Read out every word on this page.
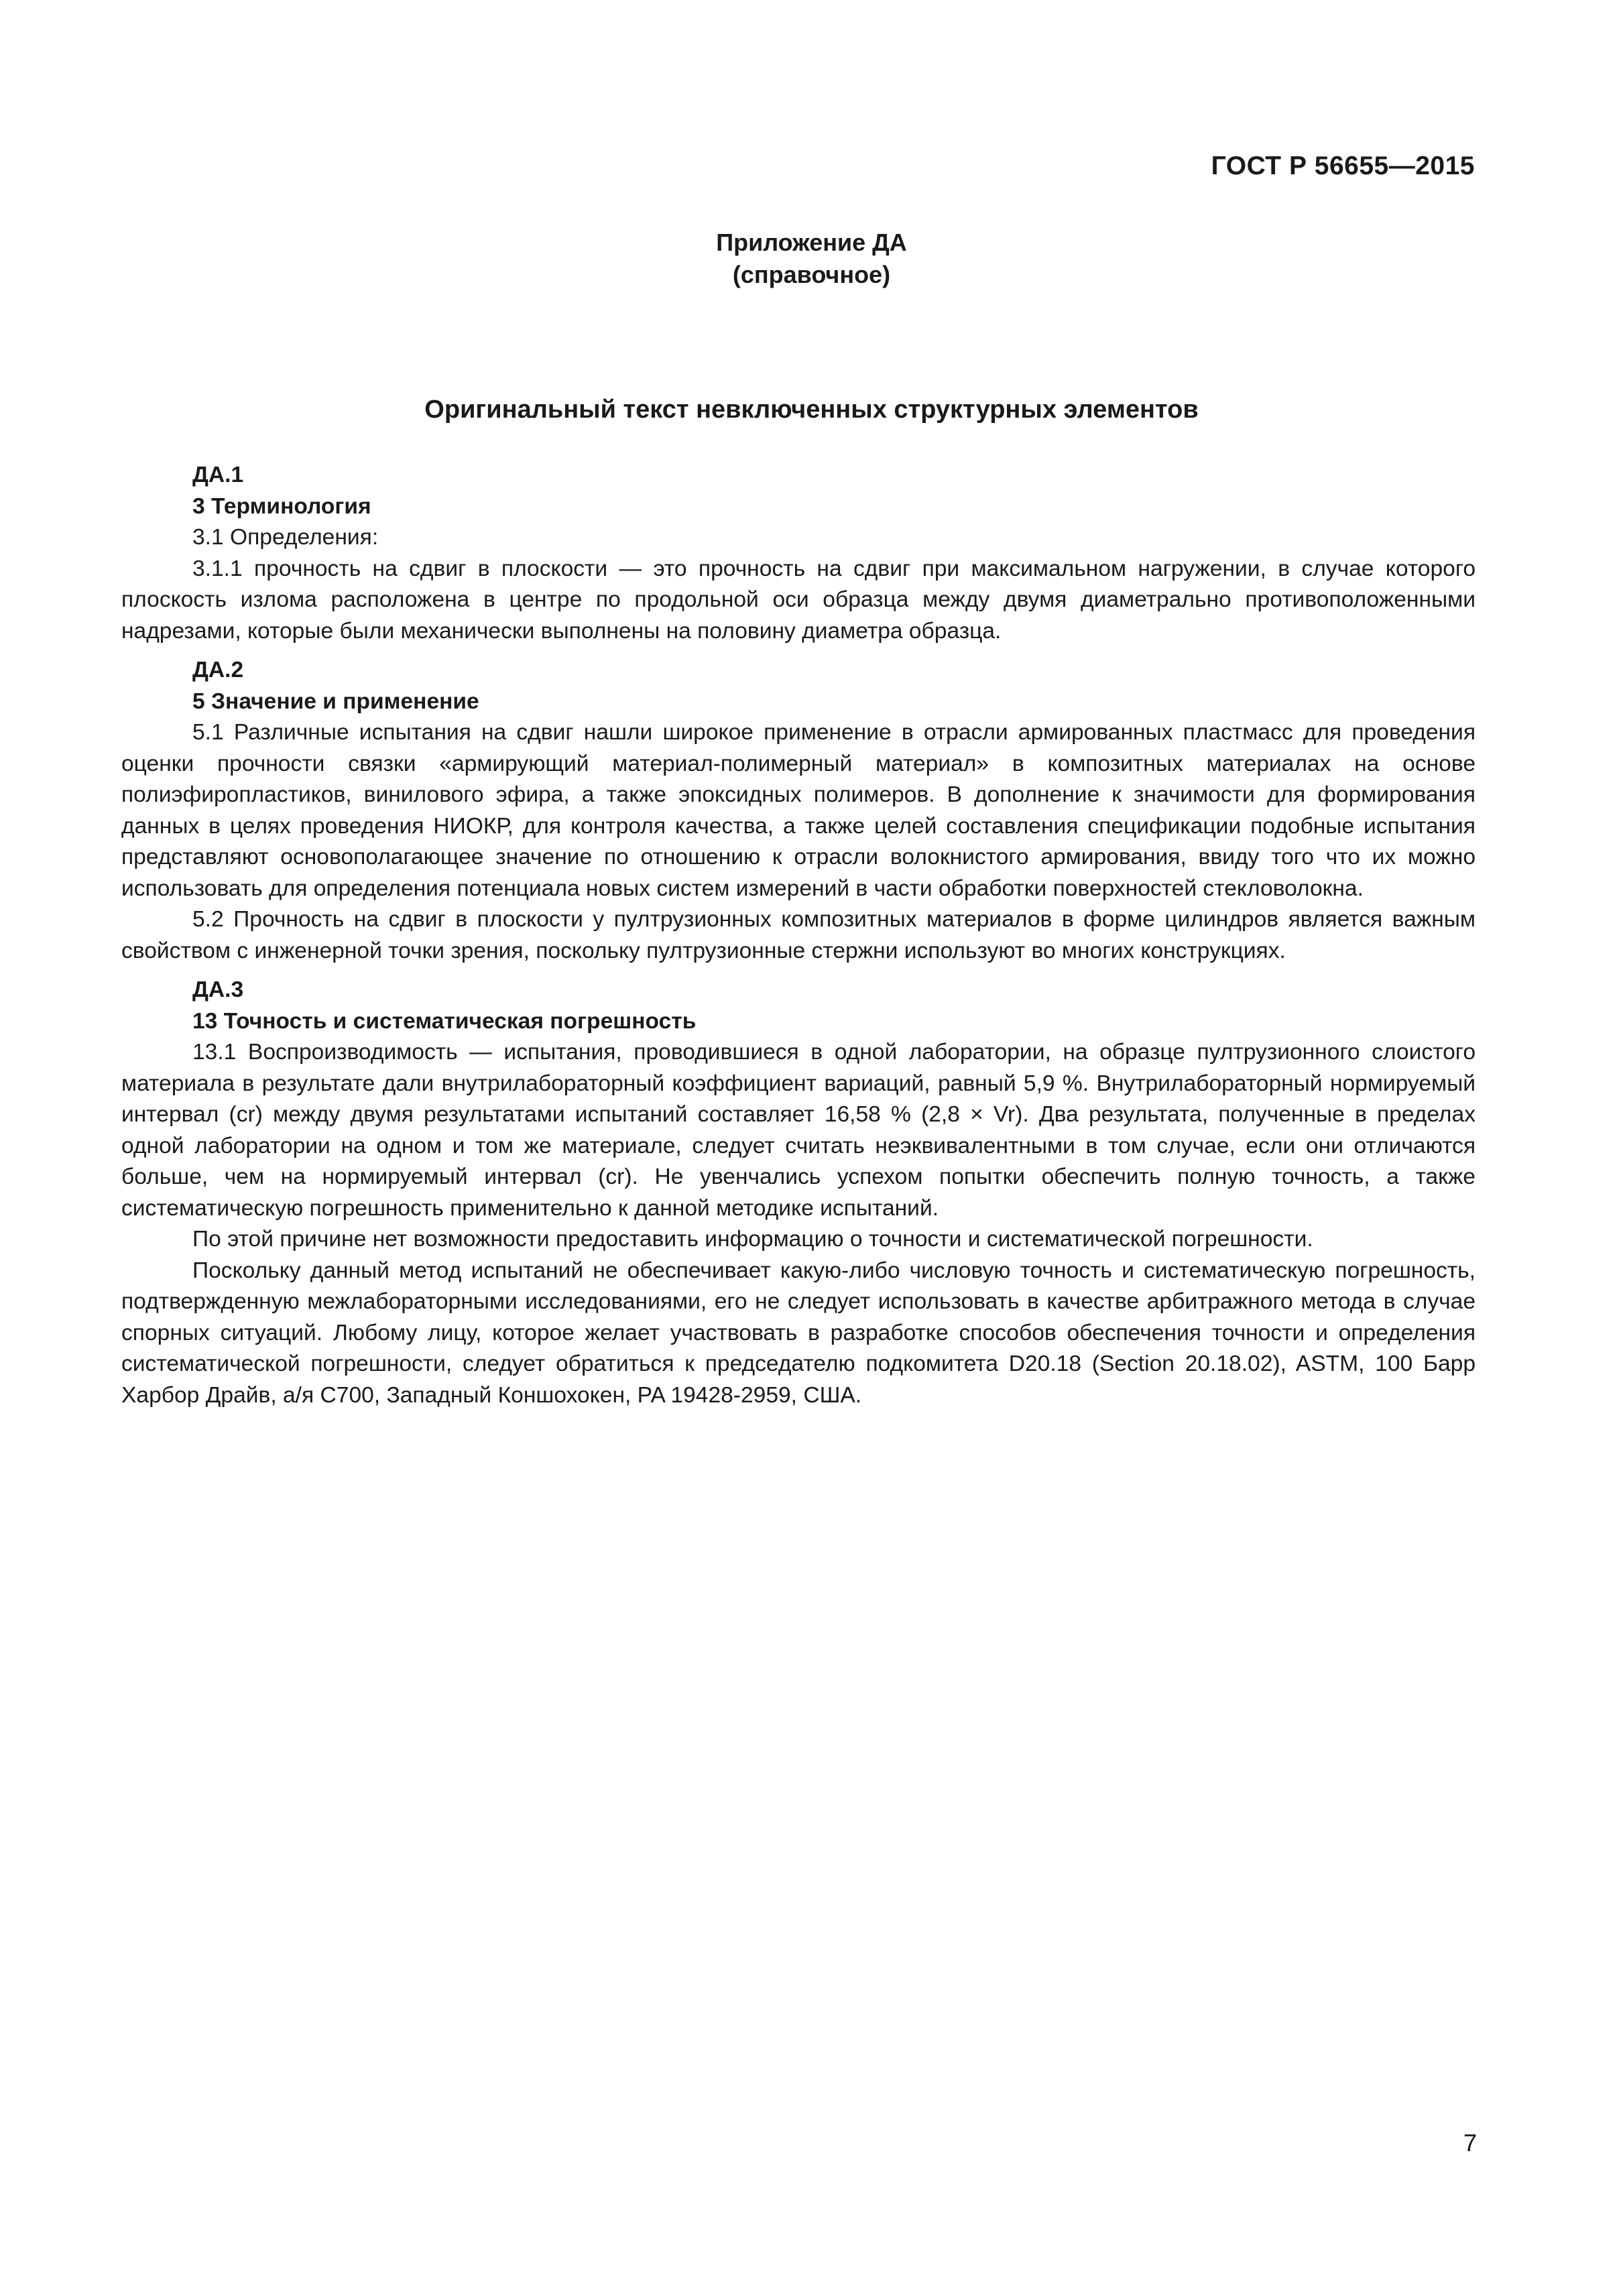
ГОСТ Р 56655—2015
Приложение ДА
(справочное)
Оригинальный текст невключенных структурных элементов

ДА.1

3 Терминология

3.1 Определения:

3.1.1 прочность на сдвиг в плоскости — это прочность на сдвиг при максимальном нагружении, в случае которого плоскость излома расположена в центре по продольной оси образца между двумя диаметрально противоположенными надрезами, которые были механически выполнены на половину диаметра образца.

ДА.2

5 Значение и применение

5.1 Различные испытания на сдвиг нашли широкое применение в отрасли армированных пластмасс для проведения оценки прочности связки «армирующий материал-полимерный материал» в композитных материалах на основе полиэфиропластиков, винилового эфира, а также эпоксидных полимеров. В дополнение к значимости для формирования данных в целях проведения НИОКР, для контроля качества, а также целей составления спецификации подобные испытания представляют основополагающее значение по отношению к отрасли волокнистого армирования, ввиду того что их можно использовать для определения потенциала новых систем измерений в части обработки поверхностей стекловолокна.

5.2 Прочность на сдвиг в плоскости у пултрузионных композитных материалов в форме цилиндров является важным свойством с инженерной точки зрения, поскольку пултрузионные стержни используют во многих конструкциях.

ДА.3

13 Точность и систематическая погрешность

13.1 Воспроизводимость — испытания, проводившиеся в одной лаборатории, на образце пултрузионного слоистого материала в результате дали внутрилабораторный коэффициент вариаций, равный 5,9 %. Внутрилабораторный нормируемый интервал (cr) между двумя результатами испытаний составляет 16,58 % (2,8 × Vr). Два результата, полученные в пределах одной лаборатории на одном и том же материале, следует считать неэквивалентными в том случае, если они отличаются больше, чем на нормируемый интервал (cr). Не увенчались успехом попытки обеспечить полную точность, а также систематическую погрешность применительно к данной методике испытаний.

По этой причине нет возможности предоставить информацию о точности и систематической погрешности.

Поскольку данный метод испытаний не обеспечивает какую-либо числовую точность и систематическую погрешность, подтвержденную межлабораторными исследованиями, его не следует использовать в качестве арбитражного метода в случае спорных ситуаций. Любому лицу, которое желает участвовать в разработке способов обеспечения точности и определения систематической погрешности, следует обратиться к председателю подкомитета D20.18 (Section 20.18.02), ASTM, 100 Барр Харбор Драйв, а/я С700, Западный Коншохокен, PA 19428-2959, США.

7
